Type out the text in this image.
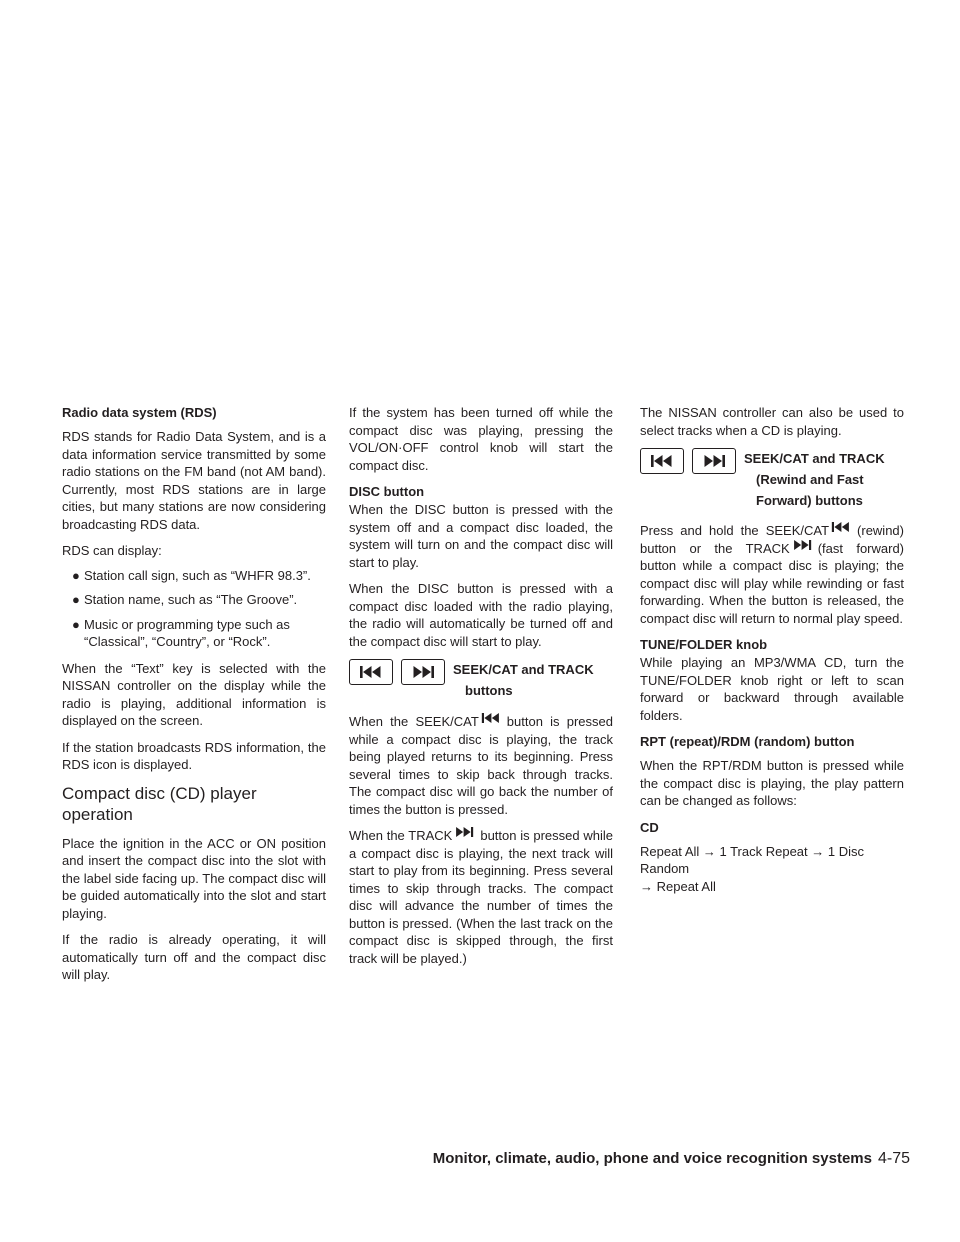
Radio data system (RDS)

RDS stands for Radio Data System, and is a data information service transmitted by some radio stations on the FM band (not AM band). Currently, most RDS stations are in large cities, but many stations are now considering broadcasting RDS data.

RDS can display:

● Station call sign, such as “WHFR 98.3”.
● Station name, such as “The Groove”.
● Music or programming type such as “Classical”, “Country”, or “Rock”.

When the “Text” key is selected with the NISSAN controller on the display while the radio is playing, additional information is displayed on the screen.

If the station broadcasts RDS information, the RDS icon is displayed.

Compact disc (CD) player operation

Place the ignition in the ACC or ON position and insert the compact disc into the slot with the label side facing up. The compact disc will be guided automatically into the slot and start playing.

If the radio is already operating, it will automatically turn off and the compact disc will play.

If the system has been turned off while the compact disc was playing, pressing the VOL/ON·OFF control knob will start the compact disc.

DISC button

When the DISC button is pressed with the system off and a compact disc loaded, the system will turn on and the compact disc will start to play.

When the DISC button is pressed with a compact disc loaded with the radio playing, the radio will automatically be turned off and the compact disc will start to play.

SEEK/CAT and TRACK
buttons

When the SEEK/CAT button is pressed while a compact disc is playing, the track being played returns to its beginning. Press several times to skip back through tracks. The compact disc will go back the number of times the button is pressed.

When the TRACK button is pressed while a compact disc is playing, the next track will start to play from its beginning. Press several times to skip through tracks. The compact disc will advance the number of times the button is pressed. (When the last track on the compact disc is skipped through, the first track will be played.)

The NISSAN controller can also be used to select tracks when a CD is playing.

SEEK/CAT and TRACK
(Rewind and Fast
Forward) buttons

Press and hold the SEEK/CAT (rewind) button or the TRACK (fast forward) button while a compact disc is playing; the compact disc will play while rewinding or fast forwarding. When the button is released, the compact disc will return to normal play speed.

TUNE/FOLDER knob

While playing an MP3/WMA CD, turn the TUNE/FOLDER knob right or left to scan forward or backward through available folders.

RPT (repeat)/RDM (random) button

When the RPT/RDM button is pressed while the compact disc is playing, the play pattern can be changed as follows:

CD

Repeat All → 1 Track Repeat → 1 Disc Random
→ Repeat All

Monitor, climate, audio, phone and voice recognition systems 4-75
